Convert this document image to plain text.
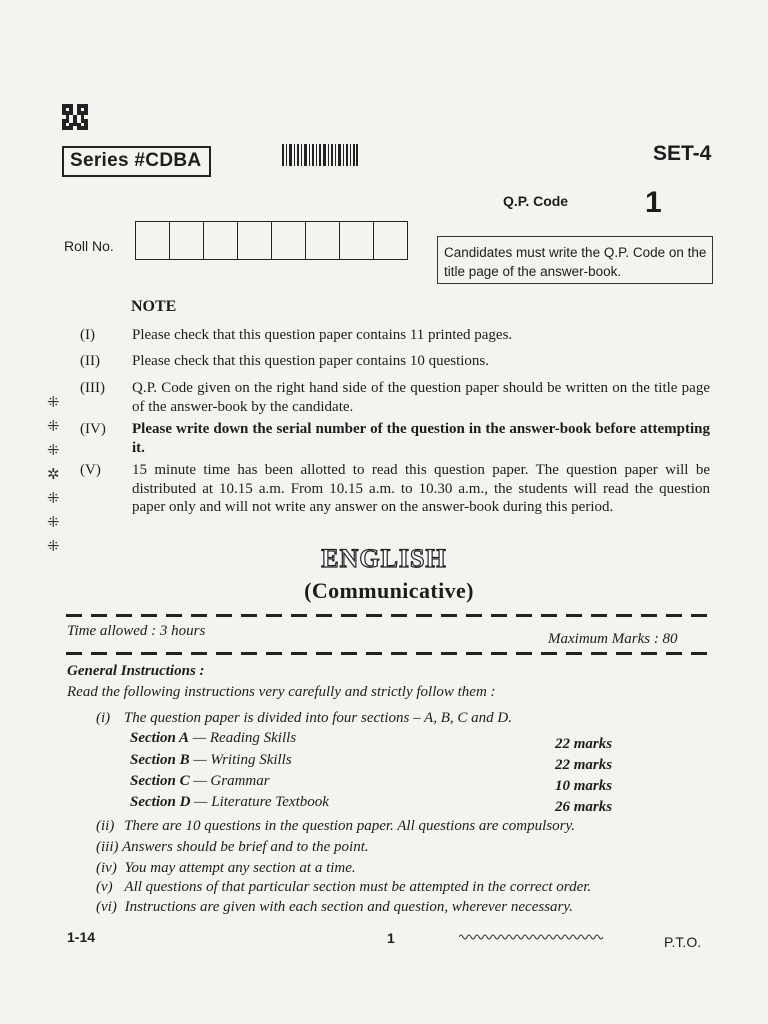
Series #CDBA	SET-4
Q.P. Code	1
Roll No.	Candidates must write the Q.P. Code on the title page of the answer-book.
NOTE
(I)	Please check that this question paper contains 11 printed pages.
(II)	Please check that this question paper contains 10 questions.
(III)	Q.P. Code given on the right hand side of the question paper should be written on the title page of the answer-book by the candidate.
(IV)	Please write down the serial number of the question in the answer-book before attempting it.
(V)	15 minute time has been allotted to read this question paper. The question paper will be distributed at 10.15 a.m. From 10.15 a.m. to 10.30 a.m., the students will read the question paper only and will not write any answer on the answer-book during this period.
⁜
⁜
⁜
✲
⁜
⁜
⁜	ENGLISH
(Communicative)
Time allowed : 3 hours	Maximum Marks : 80
General Instructions :
Read the following instructions very carefully and strictly follow them :
(i) The question paper is divided into four sections – A, B, C and D.
Section A — Reading Skills	22 marks
Section B — Writing Skills	22 marks
Section C — Grammar	10 marks
Section D — Literature Textbook	26 marks
(ii) There are 10 questions in the question paper. All questions are compulsory.
(iii) Answers should be brief and to the point.
(iv) You may attempt any section at a time.
(v) All questions of that particular section must be attempted in the correct order.
(vi) Instructions are given with each section and question, wherever necessary.
1-14	1	P.T.O.
